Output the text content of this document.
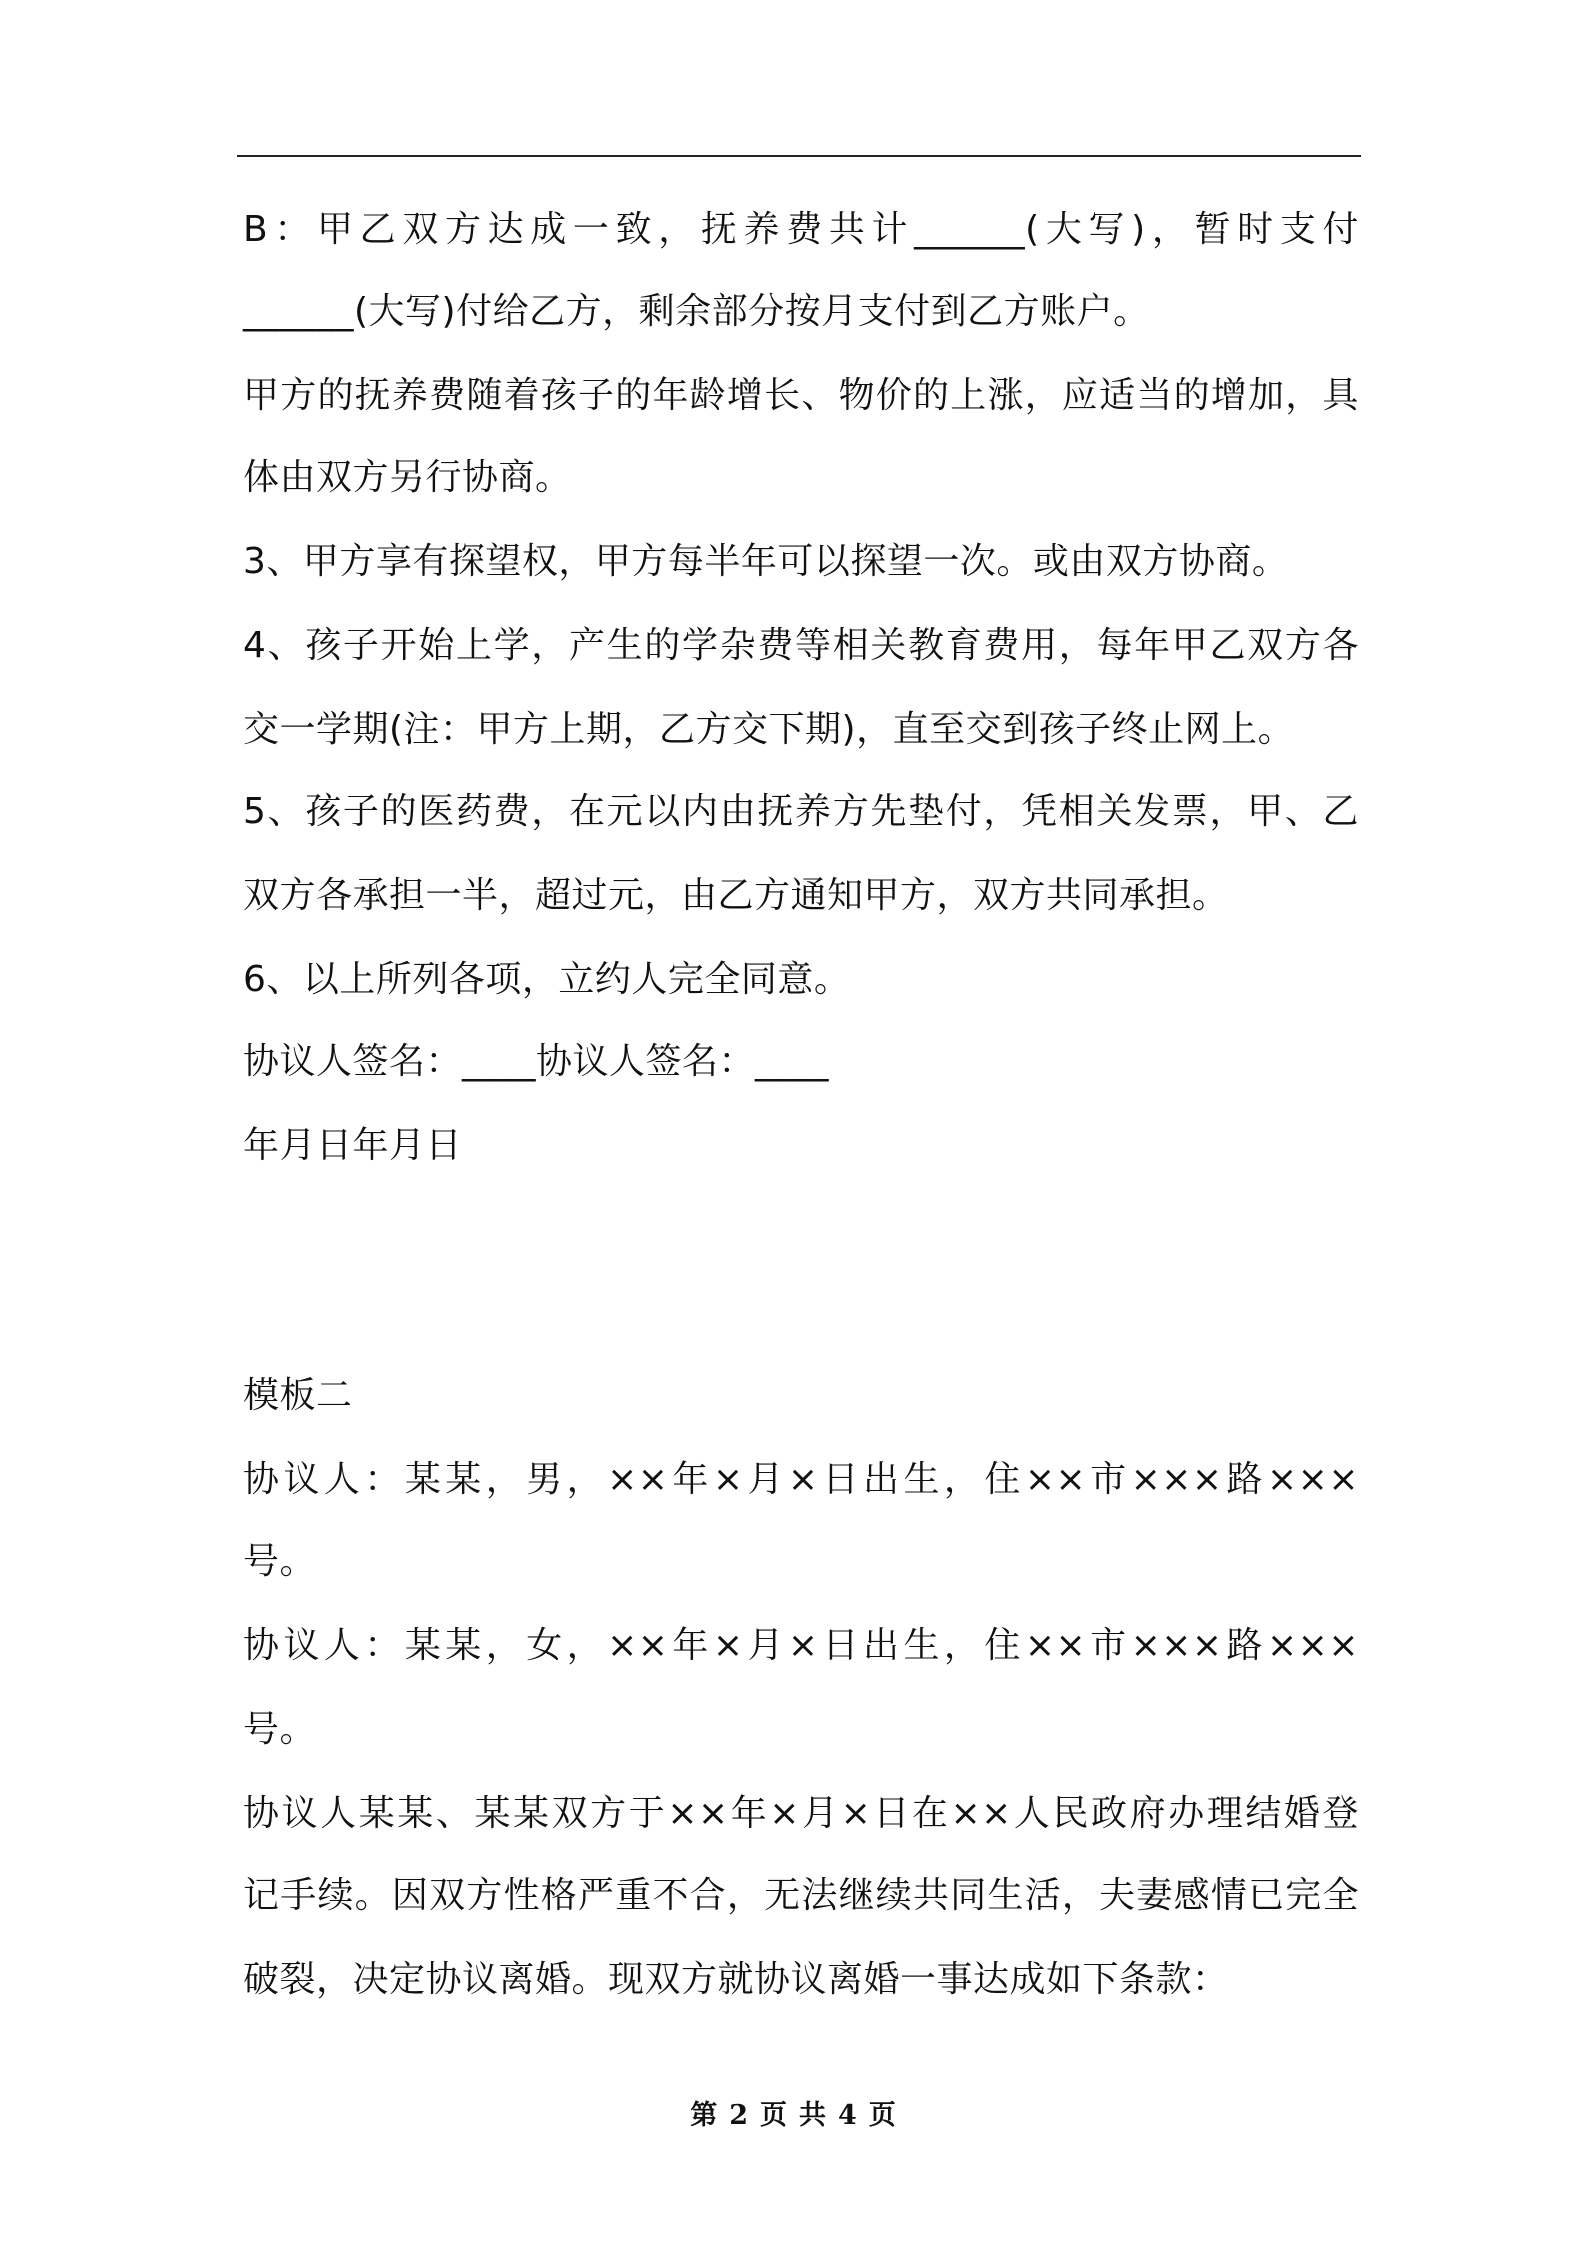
B：甲乙双方达成一致，抚养费共计______(大写)，暂时支付
______(大写)付给乙方，剩余部分按月支付到乙方账户。
甲方的抚养费随着孩子的年龄增长、物价的上涨，应适当的增加，具
体由双方另行协商。
3、甲方享有探望权，甲方每半年可以探望一次。或由双方协商。
4、孩子开始上学，产生的学杂费等相关教育费用，每年甲乙双方各
交一学期(注：甲方上期，乙方交下期)，直至交到孩子终止网上。
5、孩子的医药费，在元以内由抚养方先垫付，凭相关发票，甲、乙
双方各承担一半，超过元，由乙方通知甲方，双方共同承担。
6、以上所列各项，立约人完全同意。
协议人签名：____协议人签名：____
年月日年月日
模板二
协议人：某某，男，××年×月×日出生，住××市×××路×××
号。
协议人：某某，女，××年×月×日出生，住××市×××路×××
号。
协议人某某、某某双方于××年×月×日在××人民政府办理结婚登
记手续。因双方性格严重不合，无法继续共同生活，夫妻感情已完全
破裂，决定协议离婚。现双方就协议离婚一事达成如下条款：
第 2 页 共 4 页
